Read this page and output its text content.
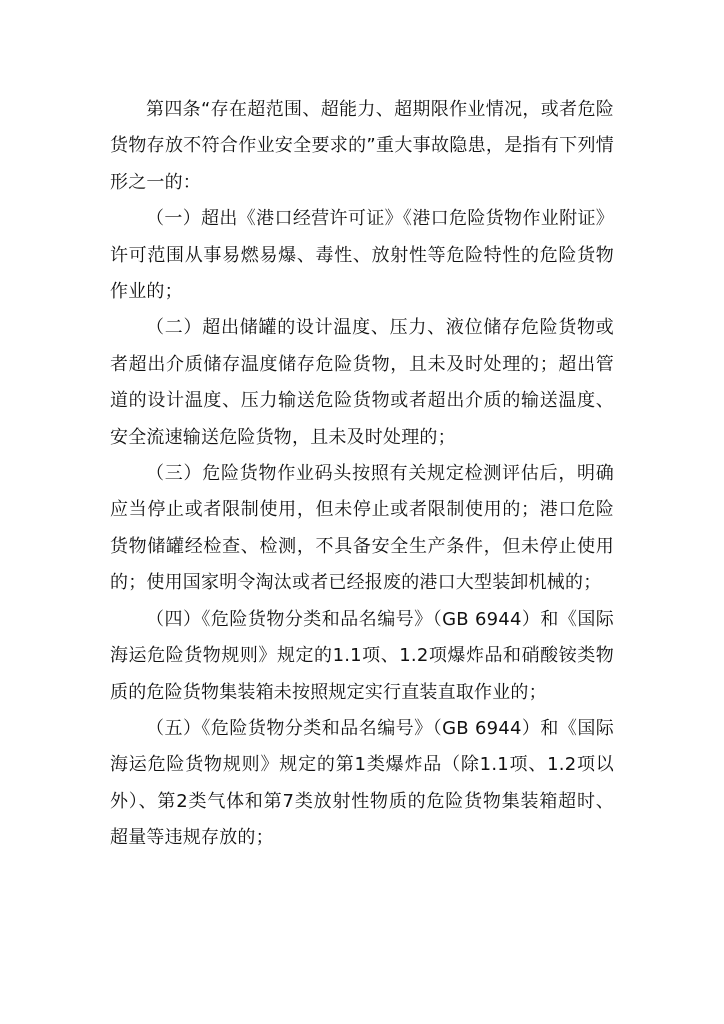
第四条“存在超范围、超能力、超期限作业情况，或者危险货物存放不符合作业安全要求的”重大事故隐患，是指有下列情形之一的：

（一）超出《港口经营许可证》《港口危险货物作业附证》许可范围从事易燃易爆、毒性、放射性等危险特性的危险货物作业的；

（二）超出储罐的设计温度、压力、液位储存危险货物或者超出介质储存温度储存危险货物，且未及时处理的；超出管道的设计温度、压力输送危险货物或者超出介质的输送温度、安全流速输送危险货物，且未及时处理的；

（三）危险货物作业码头按照有关规定检测评估后，明确应当停止或者限制使用，但未停止或者限制使用的；港口危险货物储罐经检查、检测，不具备安全生产条件，但未停止使用的；使用国家明令淘汰或者已经报废的港口大型装卸机械的；

（四）《危险货物分类和品名编号》（GB 6944）和《国际海运危险货物规则》规定的1.1项、1.2项爆炸品和硝酸铵类物质的危险货物集装箱未按照规定实行直装直取作业的；

（五）《危险货物分类和品名编号》（GB 6944）和《国际海运危险货物规则》规定的第1类爆炸品（除1.1项、1.2项以外）、第2类气体和第7类放射性物质的危险货物集装箱超时、超量等违规存放的；
